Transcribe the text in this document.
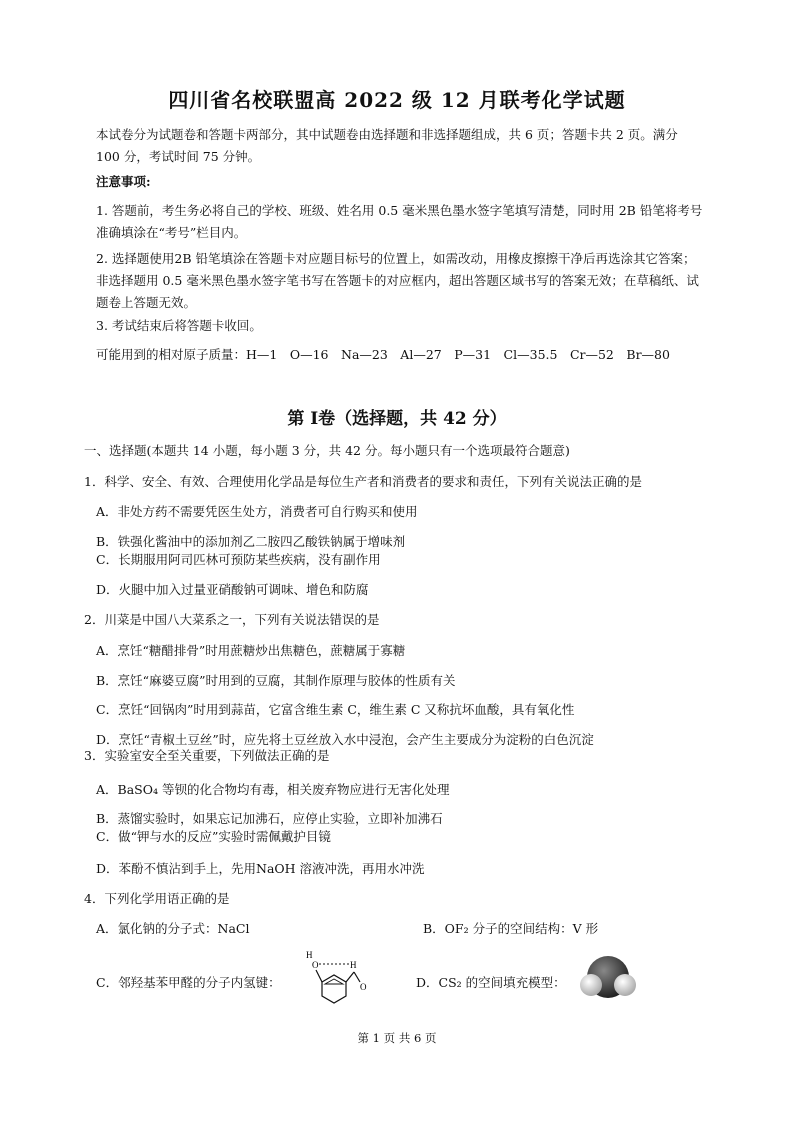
四川省名校联盟高 2022 级 12 月联考化学试题
本试卷分为试题卷和答题卡两部分，其中试题卷由选择题和非选择题组成，共 6 页；答题卡共 2 页。满分 100 分，考试时间 75 分钟。
注意事项:
1. 答题前，考生务必将自己的学校、班级、姓名用 0.5 毫米黑色墨水签字笔填写清楚，同时用 2B 铅笔将考号准确填涂在“考号”栏目内。
2. 选择题使用2B 铅笔填涂在答题卡对应题目标号的位置上，如需改动，用橡皮擦擦干净后再选涂其它答案；非选择题用 0.5 毫米黑色墨水签字笔书写在答题卡的对应框内，超出答题区域书写的答案无效；在草稿纸、试题卷上答题无效。
3. 考试结束后将答题卡收回。
可能用到的相对原子质量：H—1　O—16　Na—23　Al—27　P—31　Cl—35.5　Cr—52　Br—80
第 Ⅰ卷（选择题，共 42 分）
一、选择题(本题共 14 小题，每小题 3 分，共 42 分。每小题只有一个选项最符合题意)
1．科学、安全、有效、合理使用化学品是每位生产者和消费者的要求和责任，下列有关说法正确的是
A．非处方药不需要凭医生处方，消费者可自行购买和使用
B．铁强化酱油中的添加剂乙二胺四乙酸铁钠属于增味剂
C．长期服用阿司匹林可预防某些疾病，没有副作用
D．火腿中加入过量亚硝酸钠可调味、增色和防腐
2．川菜是中国八大菜系之一，下列有关说法错误的是
A．烹饪“糖醋排骨”时用蔗糖炒出焦糖色，蔗糖属于寡糖
B．烹饪“麻婆豆腐”时用到的豆腐，其制作原理与胶体的性质有关
C．烹饪“回锅肉”时用到蒜苗，它富含维生素 C，维生素 C 又称抗坏血酸，具有氧化性
D．烹饪“青椒土豆丝”时，应先将土豆丝放入水中浸泡，会产生主要成分为淀粉的白色沉淀
3．实验室安全至关重要，下列做法正确的是
A．BaSO₄ 等钡的化合物均有毒，相关废弃物应进行无害化处理
B．蒸馏实验时，如果忘记加沸石，应停止实验，立即补加沸石
C．做“钾与水的反应”实验时需佩戴护目镜
D．苯酚不慎沾到手上，先用NaOH 溶液冲洗，再用水冲洗
4．下列化学用语正确的是
A．氯化钠的分子式：NaCl	B．OF₂ 分子的空间结构：V 形
C．邻羟基苯甲醛的分子内氢键：
H
O	H
O	D．CS₂ 的空间填充模型：
第 1 页 共 6 页
